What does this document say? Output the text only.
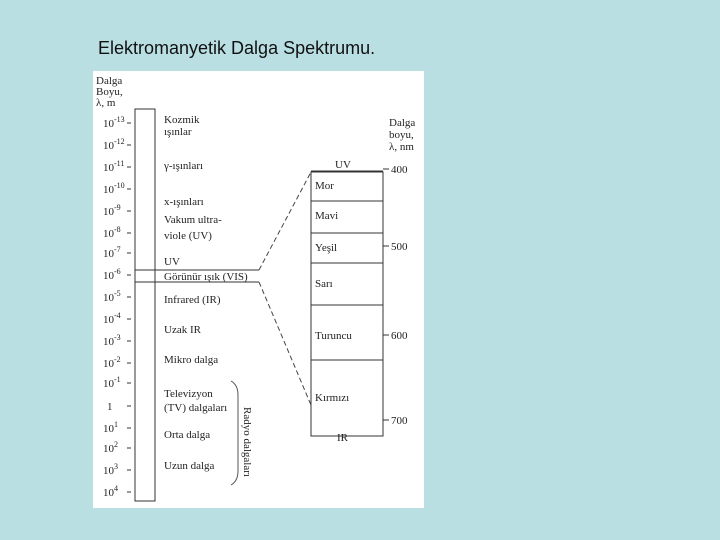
Elektromanyetik Dalga Spektrumu.
Dalga
Boyu,
λ, m
$10^{-13}$
$10^{-12}$
$10^{-11}$
$10^{-10}$
$10^{-9}$
$10^{-8}$
$10^{-7}$
$10^{-6}$
$10^{-5}$
$10^{-4}$
$10^{-3}$
$10^{-2}$
$10^{-1}$
1
$10^1$
$10^2$
$10^3$
$10^4$
Kozmik
ışınlar
γ-ışınları
x-ışınları
Vakum ultra-
viole (UV)
UV
Görünür ışık (VIS)
Infrared (IR)
Uzak IR
Mikro dalga
Televizyon
(TV) dalgaları
Orta dalga
Uzun dalga Radyo dalgaları
UV
Mor
Mavi
Yeşil
Sarı
Turuncu
Kırmızı
IR
Dalga
boyu,
λ, nm
400
500
600
700
